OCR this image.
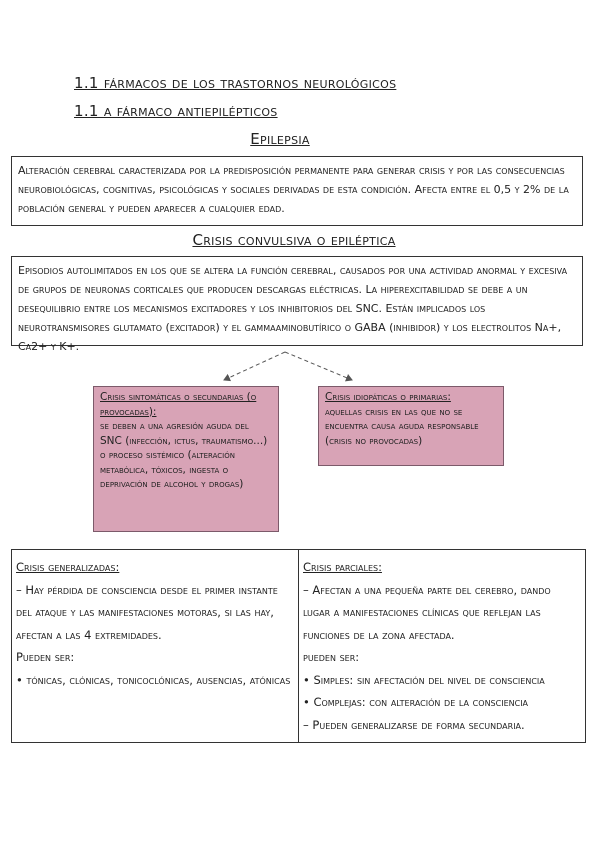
1.1 fármacos de los trastornos neurológicos
1.1 a fármaco antiepilépticos
Epilepsia
Alteración cerebral caracterizada por la predisposición permanente para generar crisis y por las consecuencias neurobiológicas, cognitivas, psicológicas y sociales derivadas de esta condición. Afecta entre el 0,5 y 2% de la población general y pueden aparecer a cualquier edad.
Crisis convulsiva o epiléptica
Episodios autolimitados en los que se altera la función cerebral, causados por una actividad anormal y excesiva de grupos de neuronas corticales que producen descargas eléctricas. La hiperexcitabilidad se debe a un desequilibrio entre los mecanismos excitadores y los inhibitorios del SNC. Están implicados los neurotransmisores glutamato (excitador) y el gammaaminobutírico o GABA (inhibidor) y los electrolitos Na+, Ca2+ y K+.
Crisis sintomáticas o secundarias (o provocadas):
se deben a una agresión aguda del SNC (infección, ictus, traumatismo...) o proceso sistémico (alteración metabólica, tóxicos, ingesta o deprivación de alcohol y drogas)
Crisis idiopáticas o primarias:
aquellas crisis en las que no se encuentra causa aguda responsable (crisis no provocadas)
Crisis generalizadas:
– Hay pérdida de consciencia desde el primer instante del ataque y las manifestaciones motoras, si las hay, afectan a las 4 extremidades.
Pueden ser:
• tónicas, clónicas, tonicoclónicas, ausencias, atónicas

Crisis parciales:
– Afectan a una pequeña parte del cerebro, dando lugar a manifestaciones clínicas que reflejan las funciones de la zona afectada.
pueden ser:
• Simples: sin afectación del nivel de consciencia
• Complejas: con alteración de la consciencia
– Pueden generalizarse de forma secundaria.
